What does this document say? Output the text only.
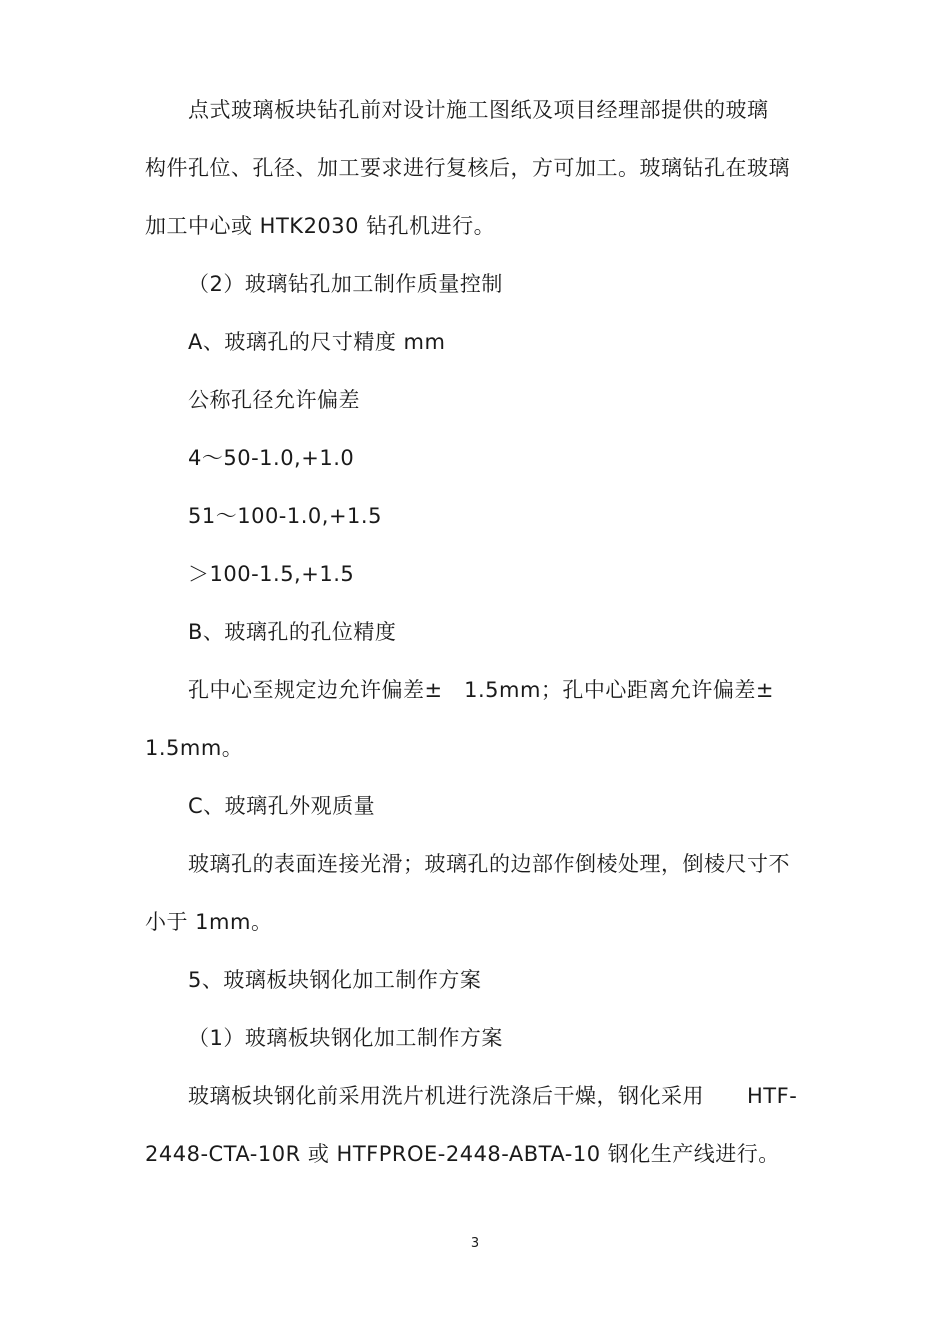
点式玻璃板块钻孔前对设计施工图纸及项目经理部提供的玻璃
构件孔位、孔径、加工要求进行复核后，方可加工。玻璃钻孔在玻璃
加工中心或 HTK2030 钻孔机进行。
（2）玻璃钻孔加工制作质量控制
A、玻璃孔的尺寸精度 mm
公称孔径允许偏差
4～50-1.0,+1.0
51～100-1.0,+1.5
＞100-1.5,+1.5
B、玻璃孔的孔位精度
孔中心至规定边允许偏差±　1.5mm；孔中心距离允许偏差±
1.5mm。
C、玻璃孔外观质量
玻璃孔的表面连接光滑；玻璃孔的边部作倒棱处理，倒棱尺寸不
小于 1mm。
5、玻璃板块钢化加工制作方案
（1）玻璃板块钢化加工制作方案
玻璃板块钢化前采用洗片机进行洗涤后干燥，钢化采用　　HTF-
2448-CTA-10R 或 HTFPROE-2448-ABTA-10 钢化生产线进行。
3
